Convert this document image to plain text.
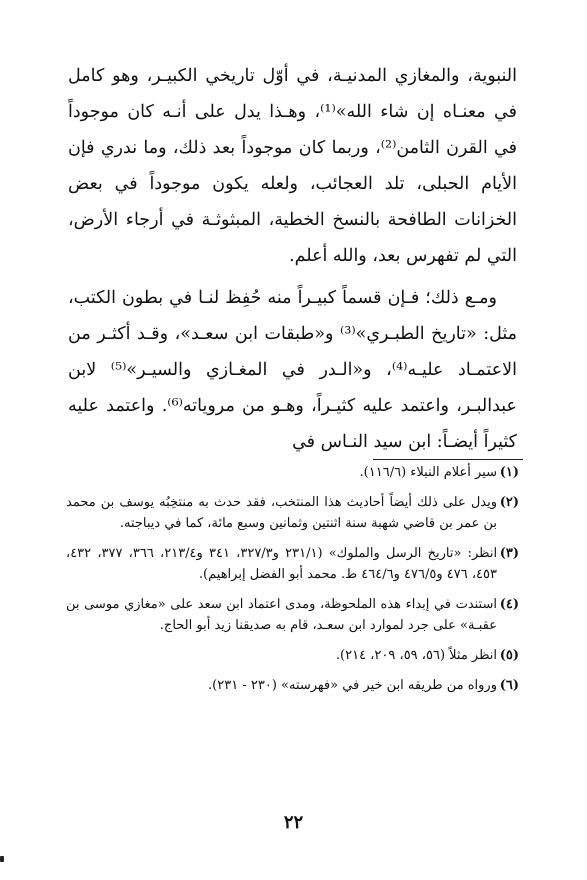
النبوية، والمغازي المدنيـة، في أوّل تاريخي الكبيـر، وهو كامل في معنـاه إن شاء الله»⁽¹⁾، وهـذا يدل على أنـه كان موجوداً في القرن الثامن⁽²⁾، وربما كان موجوداً بعد ذلك، وما ندري فإن الأيام الحبلى، تلد العجائب، ولعله يكون موجوداً في بعض الخزانات الطافحة بالنسخ الخطية، المبثوثـة في أرجاء الأرض، التي لم تفهرس بعد، والله أعلم.

ومـع ذلك؛ فـإن قسماً كبيـراً منه حُفِظ لنـا في بطون الكتب، مثل: «تاريخ الطبـري»⁽³⁾ و«طبقات ابن سعـد»، وقـد أكثـر من الاعتمـاد عليـه⁽⁴⁾، و«الـدر في المغـازي والسيـر»⁽⁵⁾ لابن عبدالبـر، واعتمد عليه كثيـراً، وهـو من مروياته⁽⁶⁾. واعتمد عليه كثيراً أيضـاً: ابن سيد النـاس في

(١)
سير أعلام النبلاء (١١٦/٦).
(٢)
ويدل على ذلك أيضاً أحاديث هذا المنتخب، فقد حدث به منتخِبُه يوسف بن محمد بن عمر بن قاضي شهبة سنة اثنتين وثمانين وسبع مائة، كما في ديباجته.
(٣)
انظر: «تاريخ الرسل والملوك» (٢٣١/١ و٣٢٧/٣، ٣٤١ و٢١٣/٤، ٣٦٦، ٣٧٧، ٤٣٢، ٤٥٣، ٤٧٦ و٤٧٦/٥ و٤٦٤/٦ ط. محمد أبو الفضل إبراهيم).
(٤)
استندت في إبداء هذه الملحوظة، ومدى اعتماد ابن سعد على «مغازي موسى بن عقبـة» على جرد لموارد ابن سعـد، قام به صديقنا زيد أبو الحاج.
(٥)
انظر مثلاً (٥٦، ٥٩، ٢٠٩، ٢١٤).
(٦)
ورواه من طريقه ابن خير في «فهرسته» (٢٣٠ - ٢٣١).
٢٢
